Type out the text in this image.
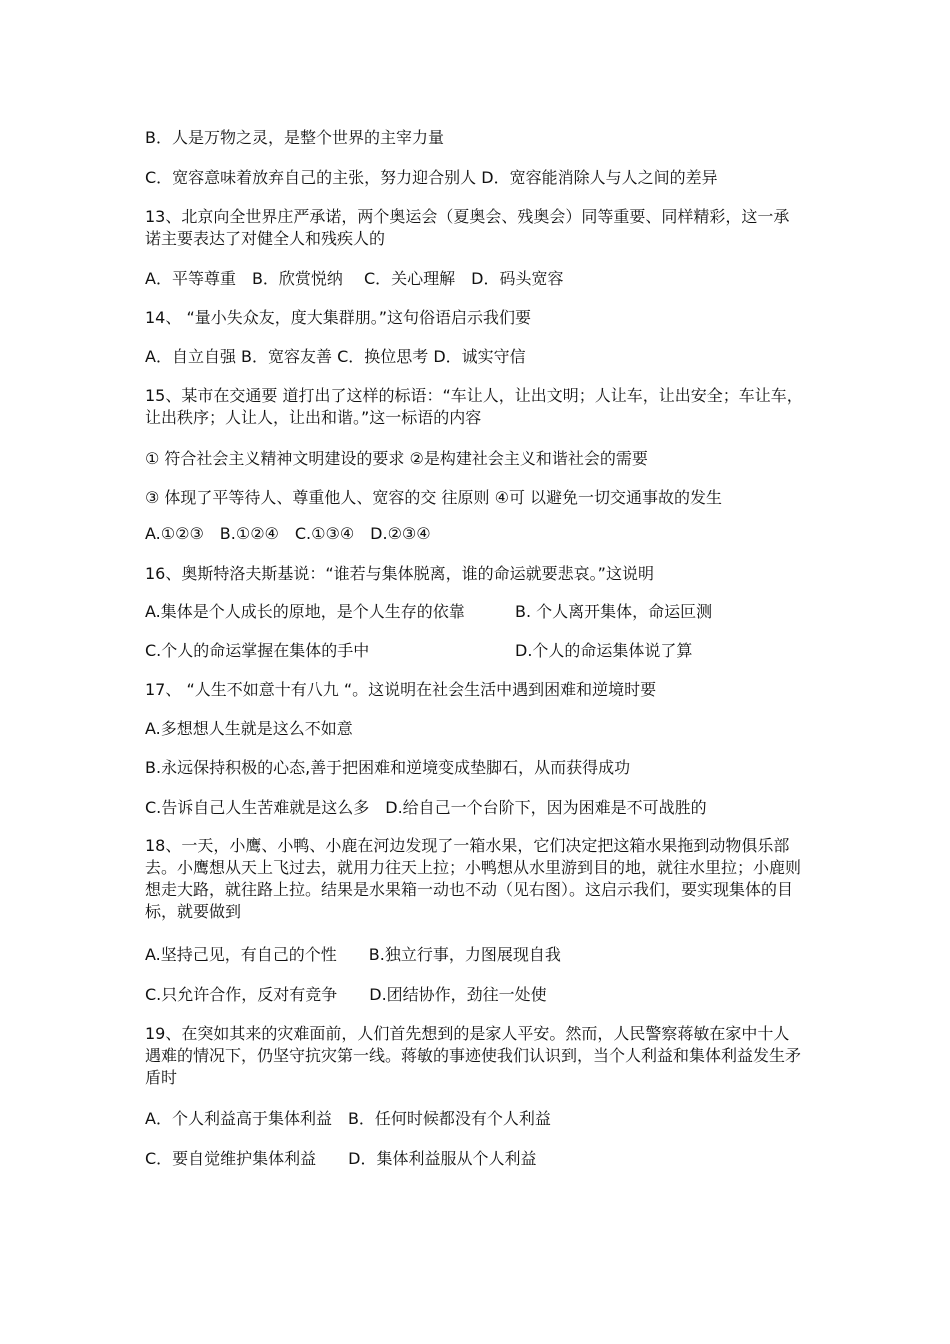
B．人是万物之灵，是整个世界的主宰力量
C．宽容意味着放弃自己的主张，努力迎合别人 D．宽容能消除人与人之间的差异
13、北京向全世界庄严承诺，两个奥运会（夏奥会、残奥会）同等重要、同样精彩，这一承诺主要表达了对健全人和残疾人的
A．平等尊重　B．欣赏悦纳　 C．关心理解　D．码头宽容
14、 “量小失众友，度大集群朋。”这句俗语启示我们要
A．自立自强 B．宽容友善 C．换位思考 D．诚实守信
15、某市在交通要 道打出了这样的标语：“车让人，让出文明；人让车，让出安全；车让车，让出秩序；人让人，让出和谐。”这一标语的内容
① 符合社会主义精神文明建设的要求 ②是构建社会主义和谐社会的需要
③ 体现了平等待人、尊重他人、宽容的交 往原则 ④可 以避免一切交通事故的发生
A.①②③　B.①②④　C.①③④　D.②③④
16、奥斯特洛夫斯基说：“谁若与集体脱离，谁的命运就要悲哀。”这说明
A.集体是个人成长的原地，是个人生存的依靠	B. 个人离开集体，命运叵测
C.个人的命运掌握在集体的手中	D.个人的命运集体说了算
17、 “人生不如意十有八九 “。这说明在社会生活中遇到困难和逆境时要
A.多想想人生就是这么不如意
B.永远保持积极的心态,善于把困难和逆境变成垫脚石，从而获得成功
C.告诉自己人生苦难就是这么多　D.给自己一个台阶下，因为困难是不可战胜的
18、一天，小鹰、小鸭、小鹿在河边发现了一箱水果，它们决定把这箱水果拖到动物俱乐部去。小鹰想从天上飞过去，就用力往天上拉；小鸭想从水里游到目的地，就往水里拉；小鹿则想走大路，就往路上拉。结果是水果箱一动也不动（见右图）。这启示我们，要实现集体的目标，就要做到
A.坚持己见，有自己的个性　　B.独立行事，力图展现自我
C.只允许合作，反对有竞争　　D.团结协作，劲往一处使
19、在突如其来的灾难面前，人们首先想到的是家人平安。然而，人民警察蒋敏在家中十人遇难的情况下，仍坚守抗灾第一线。蒋敏的事迹使我们认识到，当个人利益和集体利益发生矛盾时
A．个人利益高于集体利益　B．任何时候都没有个人利益
C．要自觉维护集体利益　　D．集体利益服从个人利益
